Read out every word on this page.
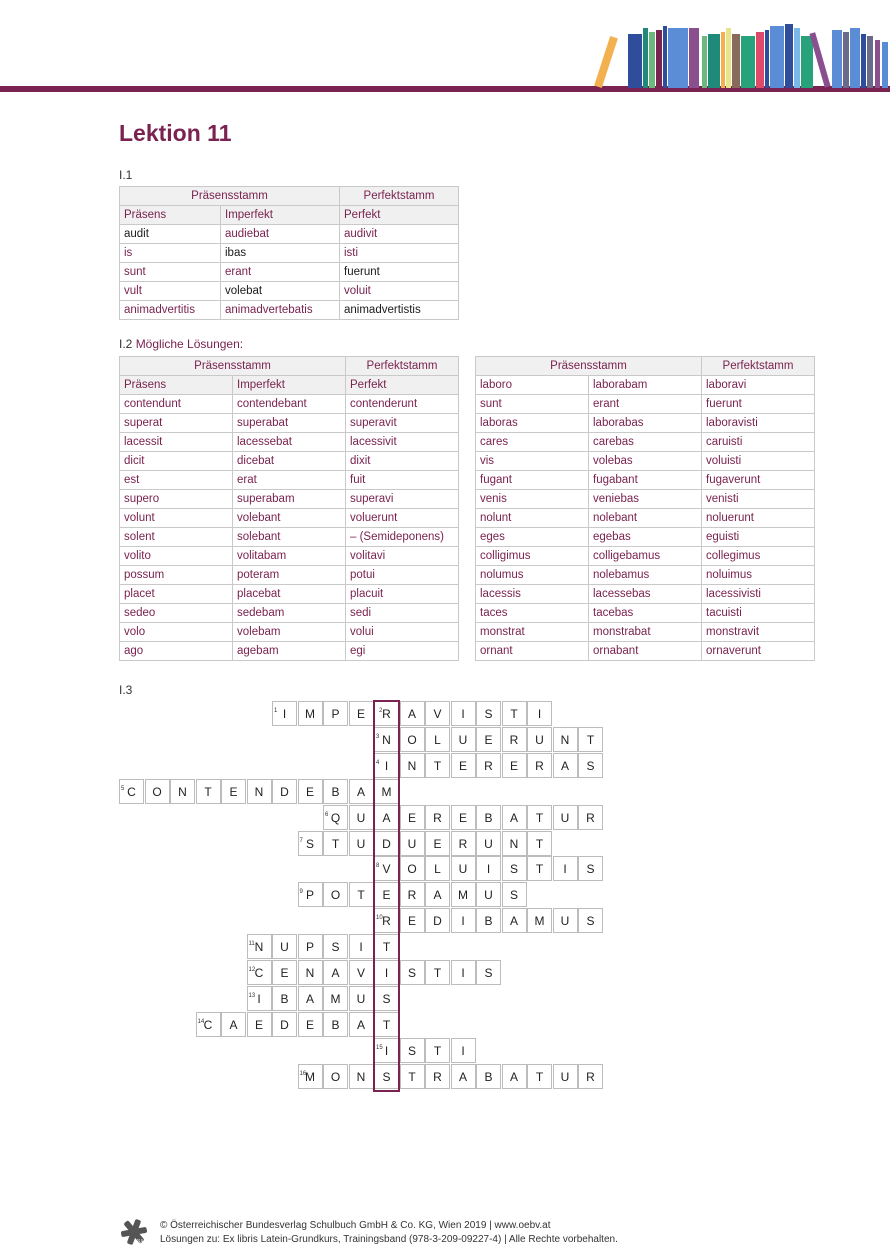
Lektion 11
I.1
Präsensstamm		Perfektstamm
Präsens	Imperfekt	Perfekt
audit	audiebat	audivit
is	ibas	isti
sunt	erant	fuerunt
vult	volebat	voluit
animadvertitis	animadvertebatis	animadvertistis
I.2 Mögliche Lösungen:
Präsensstamm		Perfektstamm
Präsens	Imperfekt	Perfekt
contendunt	contendebant	contenderunt
superat	superabat	superavit
lacessit	lacessebat	lacessivit
dicit	dicebat	dixit
est	erat	fuit
supero	superabam	superavi
volunt	volebant	voluerunt
solent	solebant	– (Semideponens)
volito	volitabam	volitavi
possum	poteram	potui
placet	placebat	placuit
sedeo	sedebam	sedi
volo	volebam	volui
ago	agebam	egi
Präsensstamm		Perfektstamm
laboro	laborabam	laboravi
sunt	erant	fuerunt
laboras	laborabas	laboravisti
cares	carebas	caruisti
vis	volebas	voluisti
fugant	fugabant	fugaverunt
venis	veniebas	venisti
nolunt	nolebant	noluerunt
eges	egebas	eguisti
colligimus	colligebamus	collegimus
nolumus	nolebamus	noluimus
lacessis	lacessebas	lacessivisti
taces	tacebas	tacuisti
monstrat	monstrabat	monstravit
ornant	ornabant	ornaverunt
I.3
I	M	P	E	R	A	V	I	S	T	I
1	2
N	O	L	U	E	R	U	N	T
3
I	N	T	E	R	E	R	A	S
4
C	O	N	T	E	N	D	E	B	A	M
5
Q	U	A	E	R	E	B	A	T	U	R
6
S	T	U	D	U	E	R	U	N	T
7
V	O	L	U	I	S	T	I	S
8
P	O	T	E	R	A	M	U	S
9
R	E	D	I	B	A	M	U	S
10
N	U	P	S	I	T
11
C	E	N	A	V	I	S	T	I	S
12
I	B	A	M	U	S
13
C	A	E	D	E	B	A	T
14
I	S	T	I
15
M	O	N	S	T	R	A	B	A	T	U	R
16
öbv
© Österreichischer Bundesverlag Schulbuch GmbH & Co. KG, Wien 2019 | www.oebv.at
Lösungen zu: Ex libris Latein-Grundkurs, Trainingsband (978-3-209-09227-4) | Alle Rechte vorbehalten.
